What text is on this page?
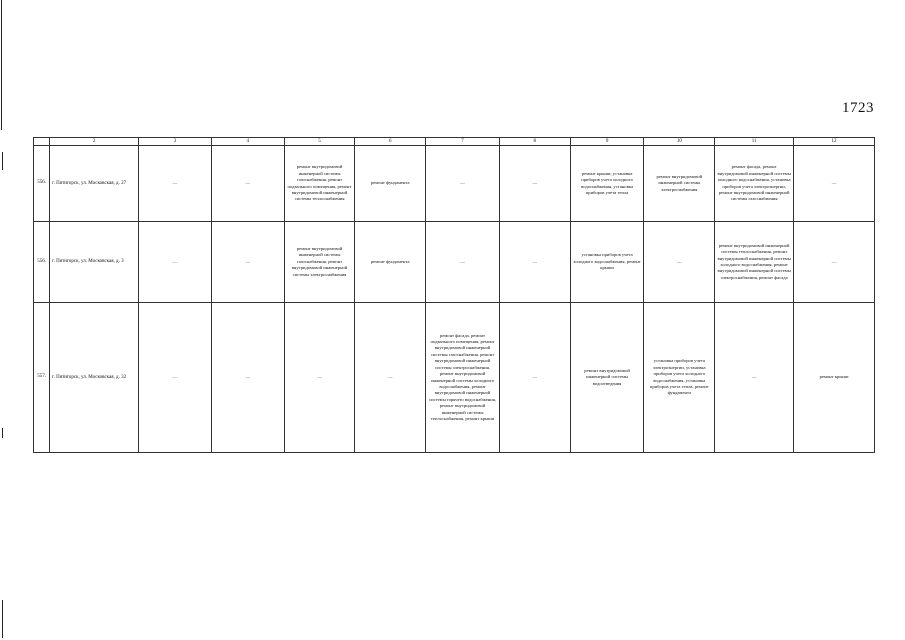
1723
	2	3	4	5	6	7	8	9	10	11	12
556.	г. Пятигорск, ул. Московская, д. 27	—	—	ремонт внутридомовой инженерной системы газоснабжения, ремонт подвального помещения, ремонт внутридомовой инженерной системы теплоснабжения	ремонт фундамента	—	—	ремонт крыши, установка приборов учета холодного водоснабжения, установка приборов учета тепла	ремонт внутридомовой инженерной системы электроснабжения	ремонт фасада, ремонт внутридомовой инженерной системы холодного водоснабжения, установка приборов учета электроэнергии, ремонт внутридомовой инженерной системы газоснабжения	—
556.	г. Пятигорск, ул. Московская, д. 3	—	—	ремонт внутридомовой инженерной системы газоснабжения, ремонт внутридомовой инженерной системы электроснабжения	ремонт фундамента	—	—	установка приборов учета холодного водоснабжения, ремонт крыши	—	ремонт внутридомовой инженерной системы теплоснабжения, ремонт внутридомовой инженерной системы холодного водоснабжения, ремонт внутридомовой инженерной системы электроснабжения, ремонт фасада	—
557.	г. Пятигорск, ул. Московская, д. 32	—	—	—	—	ремонт фасада, ремонт подвального помещения, ремонт внутридомовой инженерной системы газоснабжения, ремонт внутридомовой инженерной системы электроснабжения, ремонт внутридомовой инженерной системы холодного водоснабжения, ремонт внутридомовой инженерной системы горячего водоснабжения, ремонт внутридомовой инженерной системы теплоснабжения, ремонт крыши	—	ремонт внутридомовой инженерной системы водоотведения	установка приборов учета электроэнергии, установка приборов учета холодного водоснабжения, установка приборов учета тепла, ремонт фундамента	—	ремонт крыши
